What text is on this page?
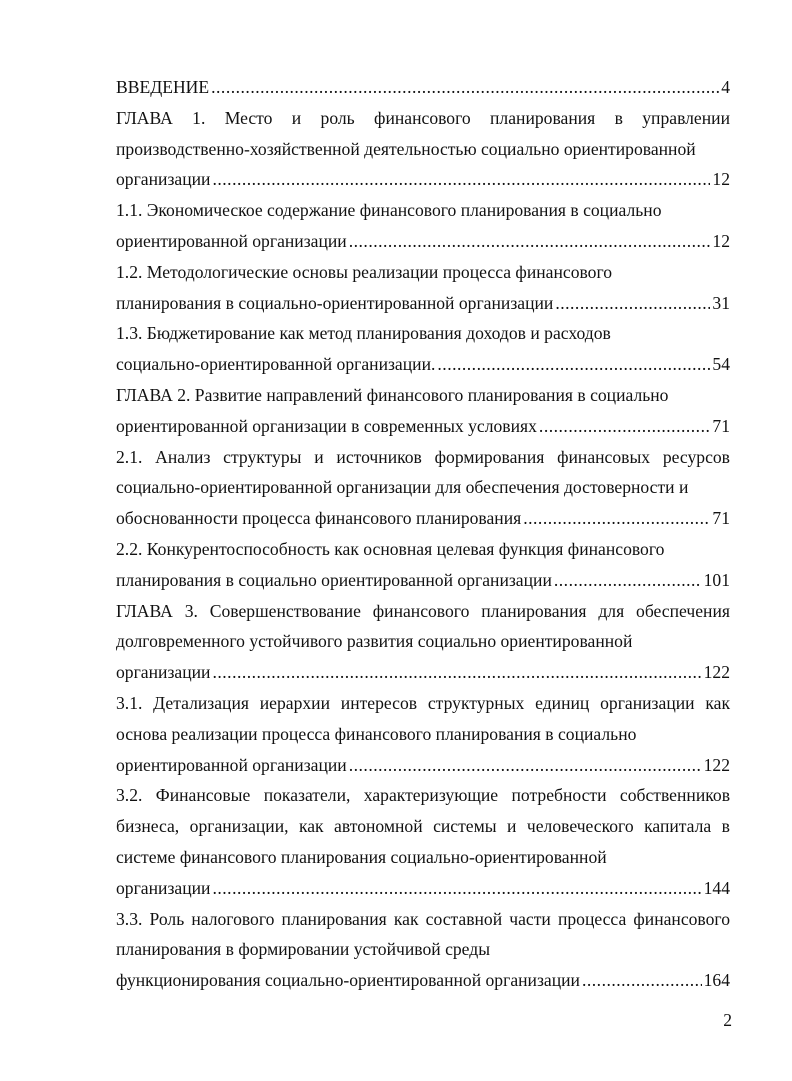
ВВЕДЕНИЕ .....	4
ГЛАВА 1. Место и роль финансового планирования в управлении производственно-хозяйственной деятельностью социально ориентированной
организации .....	12
1.1. Экономическое содержание финансового планирования в социально
ориентированной организации .....	12
1.2. Методологические основы реализации процесса финансового
планирования в социально-ориентированной организации .....	31
1.3. Бюджетирование как метод планирования доходов и расходов
социально-ориентированной организации. .....	54
ГЛАВА 2. Развитие направлений финансового планирования в социально
ориентированной организации в современных условиях .....	71
2.1. Анализ структуры и источников формирования финансовых ресурсов социально-ориентированной организации для обеспечения достоверности и
обоснованности процесса финансового планирования .....	71
2.2. Конкурентоспособность как основная целевая функция финансового
планирования в социально ориентированной организации .....	101
ГЛАВА 3. Совершенствование финансового планирования для обеспечения долговременного устойчивого развития социально ориентированной
организации .....	122
3.1. Детализация иерархии интересов структурных единиц организации как основа реализации процесса финансового планирования в социально
ориентированной организации .....	122
3.2. Финансовые показатели, характеризующие потребности собственников бизнеса, организации, как автономной системы и человеческого капитала в системе финансового планирования социально-ориентированной
организации .....	144
3.3. Роль налогового планирования как составной части процесса финансового планирования в формировании устойчивой среды
функционирования социально-ориентированной организации .....	164
2
